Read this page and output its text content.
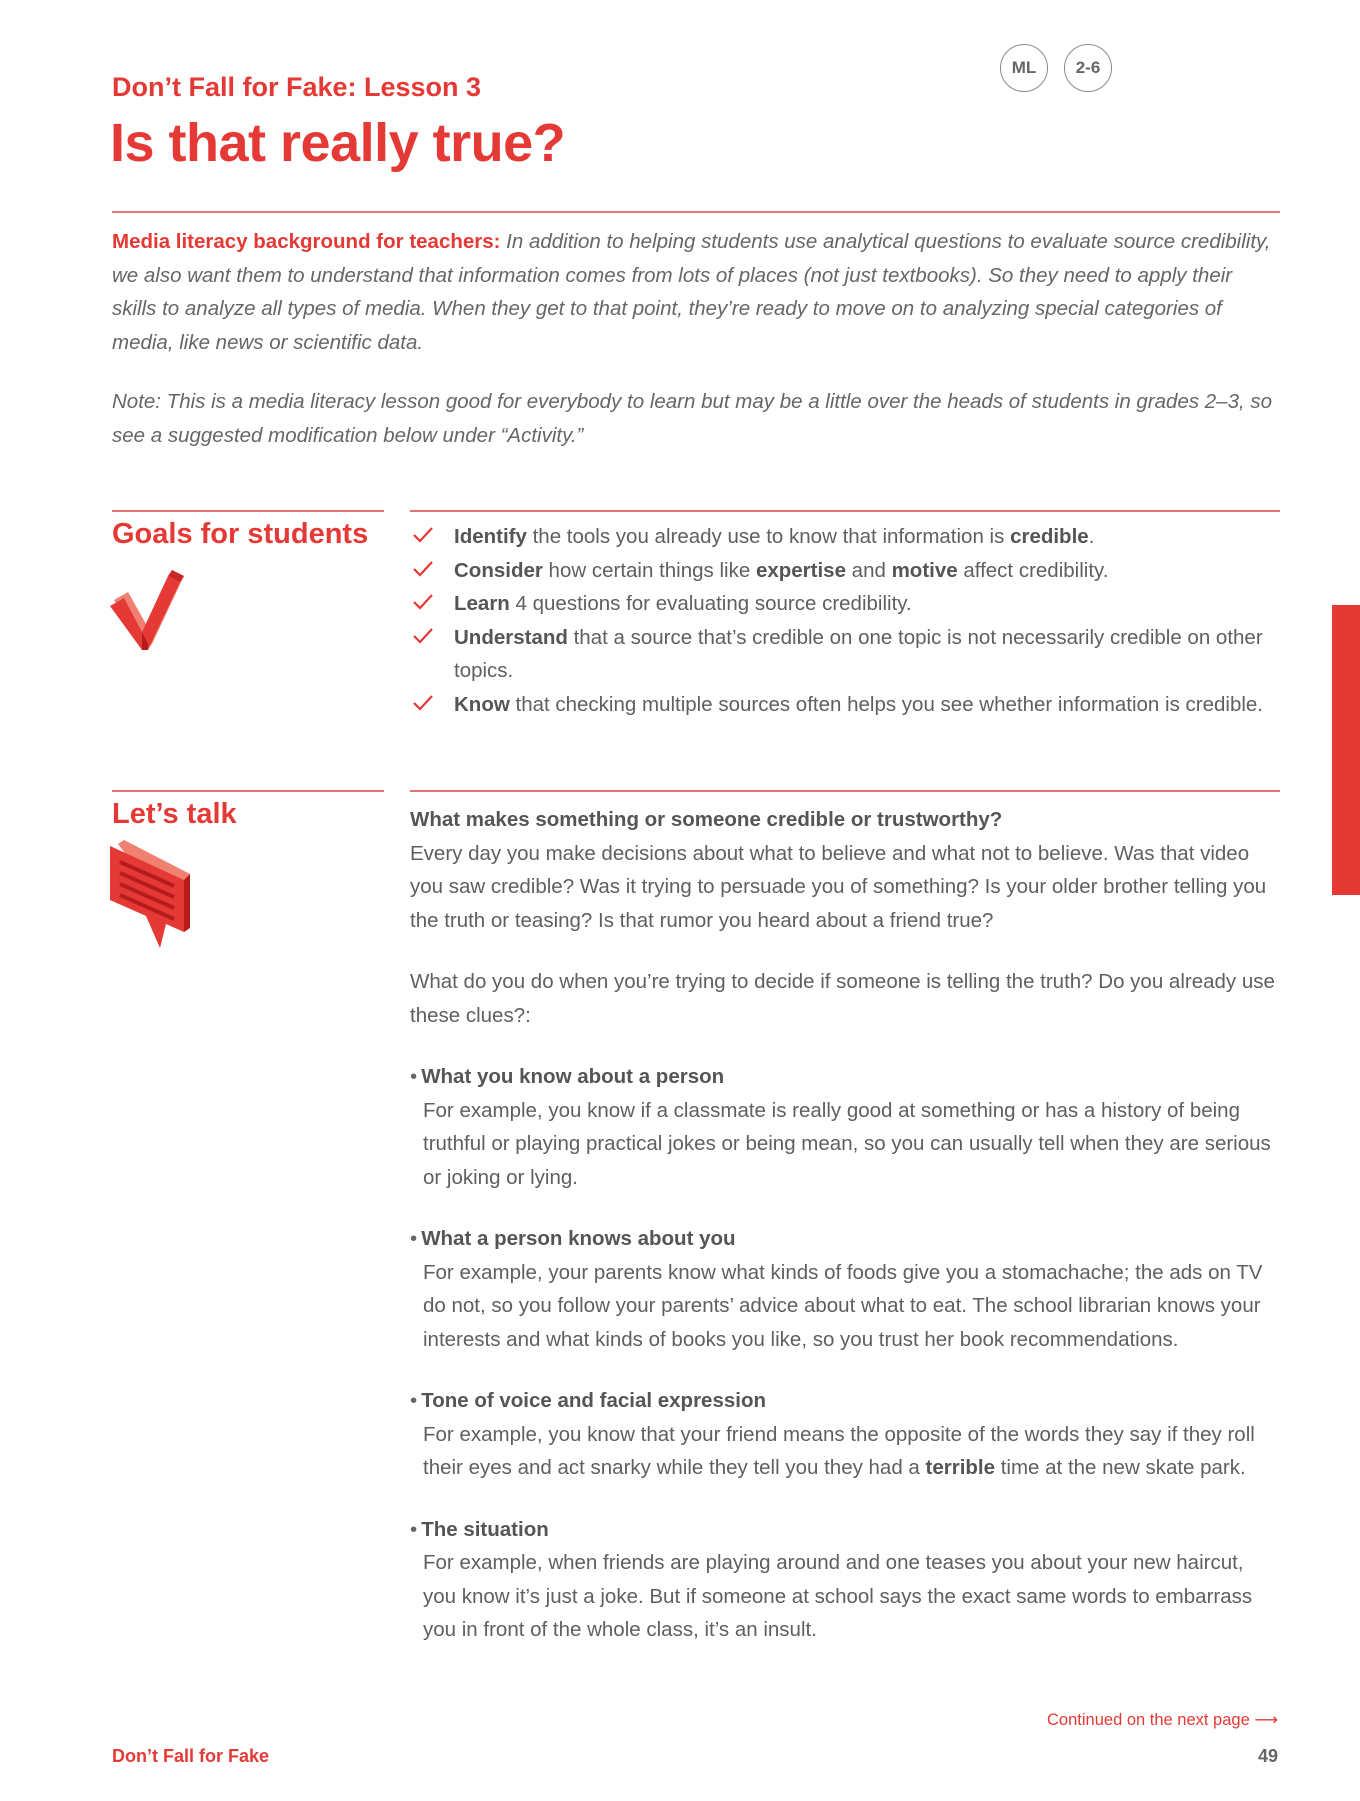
ML	2-6
Don’t Fall for Fake: Lesson 3
Is that really true?
Media literacy background for teachers: In addition to helping students use analytical questions to evaluate source credibility, we also want them to understand that information comes from lots of places (not just textbooks). So they need to apply their skills to analyze all types of media. When they get to that point, they’re ready to move on to analyzing special categories of media, like news or scientific data.
Note: This is a media literacy lesson good for everybody to learn but may be a little over the heads of students in grades 2–3, so see a suggested modification below under “Activity.”
Goals for students	Identify the tools you already use to know that information is credible.
Consider how certain things like expertise and motive affect credibility.
Learn 4 questions for evaluating source credibility.
Understand that a source that’s credible on one topic is not necessarily credible on other topics.
Know that checking multiple sources often helps you see whether information is credible.
Let’s talk	What makes something or someone credible or trustworthy?

Every day you make decisions about what to believe and what not to believe. Was that video you saw credible? Was it trying to persuade you of something? Is your older brother telling you the truth or teasing? Is that rumor you heard about a friend true?

What do you do when you’re trying to decide if someone is telling the truth? Do you already use these clues?:

• What you know about a person
For example, you know if a classmate is really good at something or has a history of being truthful or playing practical jokes or being mean, so you can usually tell when they are serious or joking or lying.
• What a person knows about you
For example, your parents know what kinds of foods give you a stomachache; the ads on TV do not, so you follow your parents’ advice about what to eat. The school librarian knows your interests and what kinds of books you like, so you trust her book recommendations.
• Tone of voice and facial expression
For example, you know that your friend means the opposite of the words they say if they roll their eyes and act snarky while they tell you they had a terrible time at the new skate park.
• The situation
For example, when friends are playing around and one teases you about your new haircut, you know it’s just a joke. But if someone at school says the exact same words to embarrass you in front of the whole class, it’s an insult.
Continued on the next page ⟶
Don’t Fall for Fake	49
